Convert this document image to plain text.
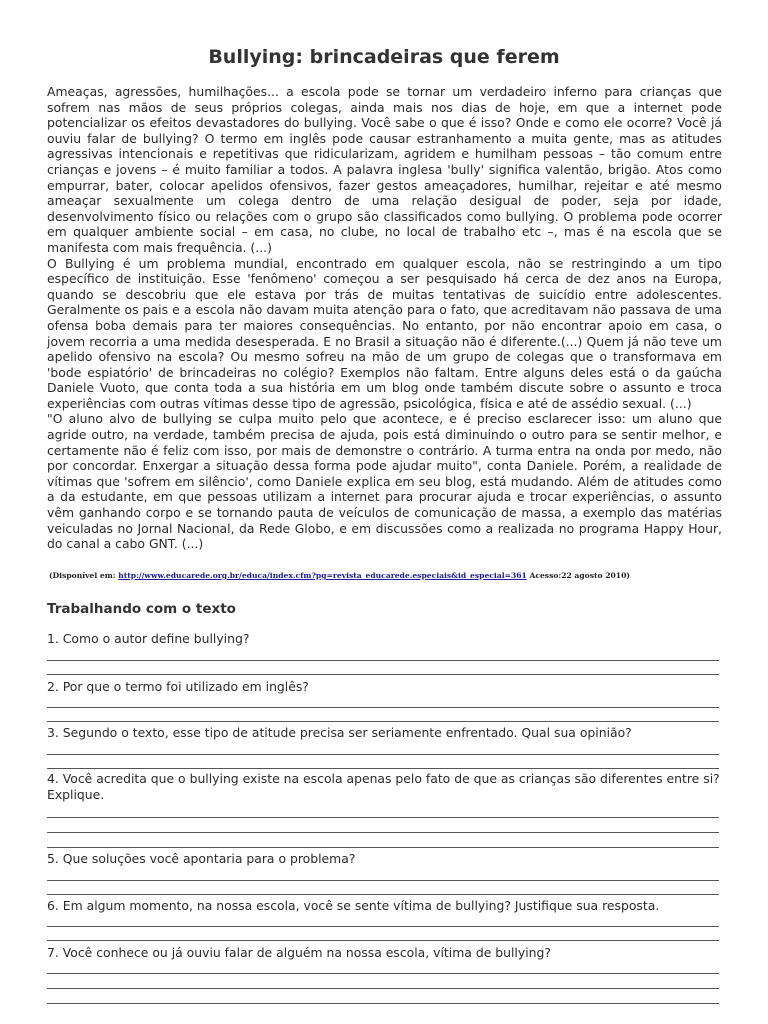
Bullying: brincadeiras que ferem

Ameaças, agressões, humilhações... a escola pode se tornar um verdadeiro inferno para crianças que sofrem nas mãos de seus próprios colegas, ainda mais nos dias de hoje, em que a internet pode potencializar os efeitos devastadores do bullying. Você sabe o que é isso? Onde e como ele ocorre? Você já ouviu falar de bullying? O termo em inglês pode causar estranhamento a muita gente, mas as atitudes agressivas intencionais e repetitivas que ridicularizam, agridem e humilham pessoas – tão comum entre crianças e jovens – é muito familiar a todos. A palavra inglesa 'bully' significa valentão, brigão. Atos como empurrar, bater, colocar apelidos ofensivos, fazer gestos ameaçadores, humilhar, rejeitar e até mesmo ameaçar sexualmente um colega dentro de uma relação desigual de poder, seja por idade, desenvolvimento físico ou relações com o grupo são classificados como bullying. O problema pode ocorrer em qualquer ambiente social – em casa, no clube, no local de trabalho etc –, mas é na escola que se manifesta com mais frequência. (...)

O Bullying é um problema mundial, encontrado em qualquer escola, não se restringindo a um tipo específico de instituição. Esse 'fenômeno' começou a ser pesquisado há cerca de dez anos na Europa, quando se descobriu que ele estava por trás de muitas tentativas de suicídio entre adolescentes. Geralmente os pais e a escola não davam muita atenção para o fato, que acreditavam não passava de uma ofensa boba demais para ter maiores consequências. No entanto, por não encontrar apoio em casa, o jovem recorria a uma medida desesperada. E no Brasil a situação não é diferente.(...) Quem já não teve um apelido ofensivo na escola? Ou mesmo sofreu na mão de um grupo de colegas que o transformava em 'bode espiatório' de brincadeiras no colégio? Exemplos não faltam. Entre alguns deles está o da gaúcha Daniele Vuoto, que conta toda a sua história em um blog onde também discute sobre o assunto e troca experiências com outras vítimas desse tipo de agressão, psicológica, física e até de assédio sexual. (...)

"O aluno alvo de bullying se culpa muito pelo que acontece, e é preciso esclarecer isso: um aluno que agride outro, na verdade, também precisa de ajuda, pois está diminuindo o outro para se sentir melhor, e certamente não é feliz com isso, por mais de demonstre o contrário. A turma entra na onda por medo, não por concordar. Enxergar a situação dessa forma pode ajudar muito", conta Daniele. Porém, a realidade de vítimas que 'sofrem em silêncio', como Daniele explica em seu blog, está mudando. Além de atitudes como a da estudante, em que pessoas utilizam a internet para procurar ajuda e trocar experiências, o assunto vêm ganhando corpo e se tornando pauta de veículos de comunicação de massa, a exemplo das matérias veiculadas no Jornal Nacional, da Rede Globo, e em discussões como a realizada no programa Happy Hour, do canal a cabo GNT. (...)

(Disponível em: http://www.educarede.org.br/educa/index.cfm?pg=revista_educarede.especiais&id_especial=361 Acesso:22 agosto 2010)
Trabalhando com o texto
1. Como o autor define bullying?
2. Por que o termo foi utilizado em inglês?
3. Segundo o texto, esse tipo de atitude precisa ser seriamente enfrentado. Qual sua opinião?
4. Você acredita que o bullying existe na escola apenas pelo fato de que as crianças são diferentes entre si? Explique.
5. Que soluções você apontaria para o problema?
6. Em algum momento, na nossa escola, você se sente vítima de bullying? Justifique sua resposta.
7. Você conhece ou já ouviu falar de alguém na nossa escola, vítima de bullying?
